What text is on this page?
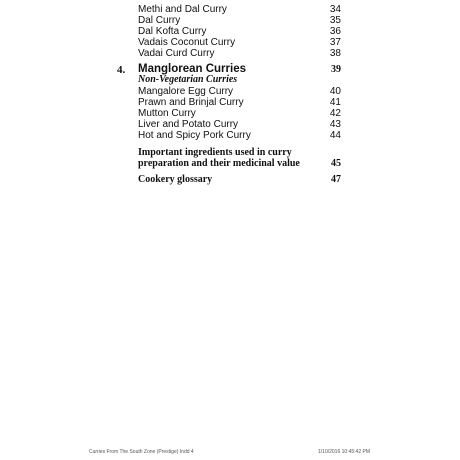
Methi and Dal Curry	34
Dal Curry	35
Dal Kofta Curry	36
Vadais Coconut Curry	37
Vadai Curd Curry	38
4. Manglorean Curries	39
Non-Vegetarian Curries
Mangalore Egg Curry	40
Prawn and Brinjal Curry	41
Mutton Curry	42
Liver and Potato Curry	43
Hot and Spicy Pork Curry	44
Important ingredients used in curry
preparation and their medicinal value	45
Cookery glossary	47
Curries From The South Zone (Prestige) Indd 4	1/10/2016 10:45:42 PM
